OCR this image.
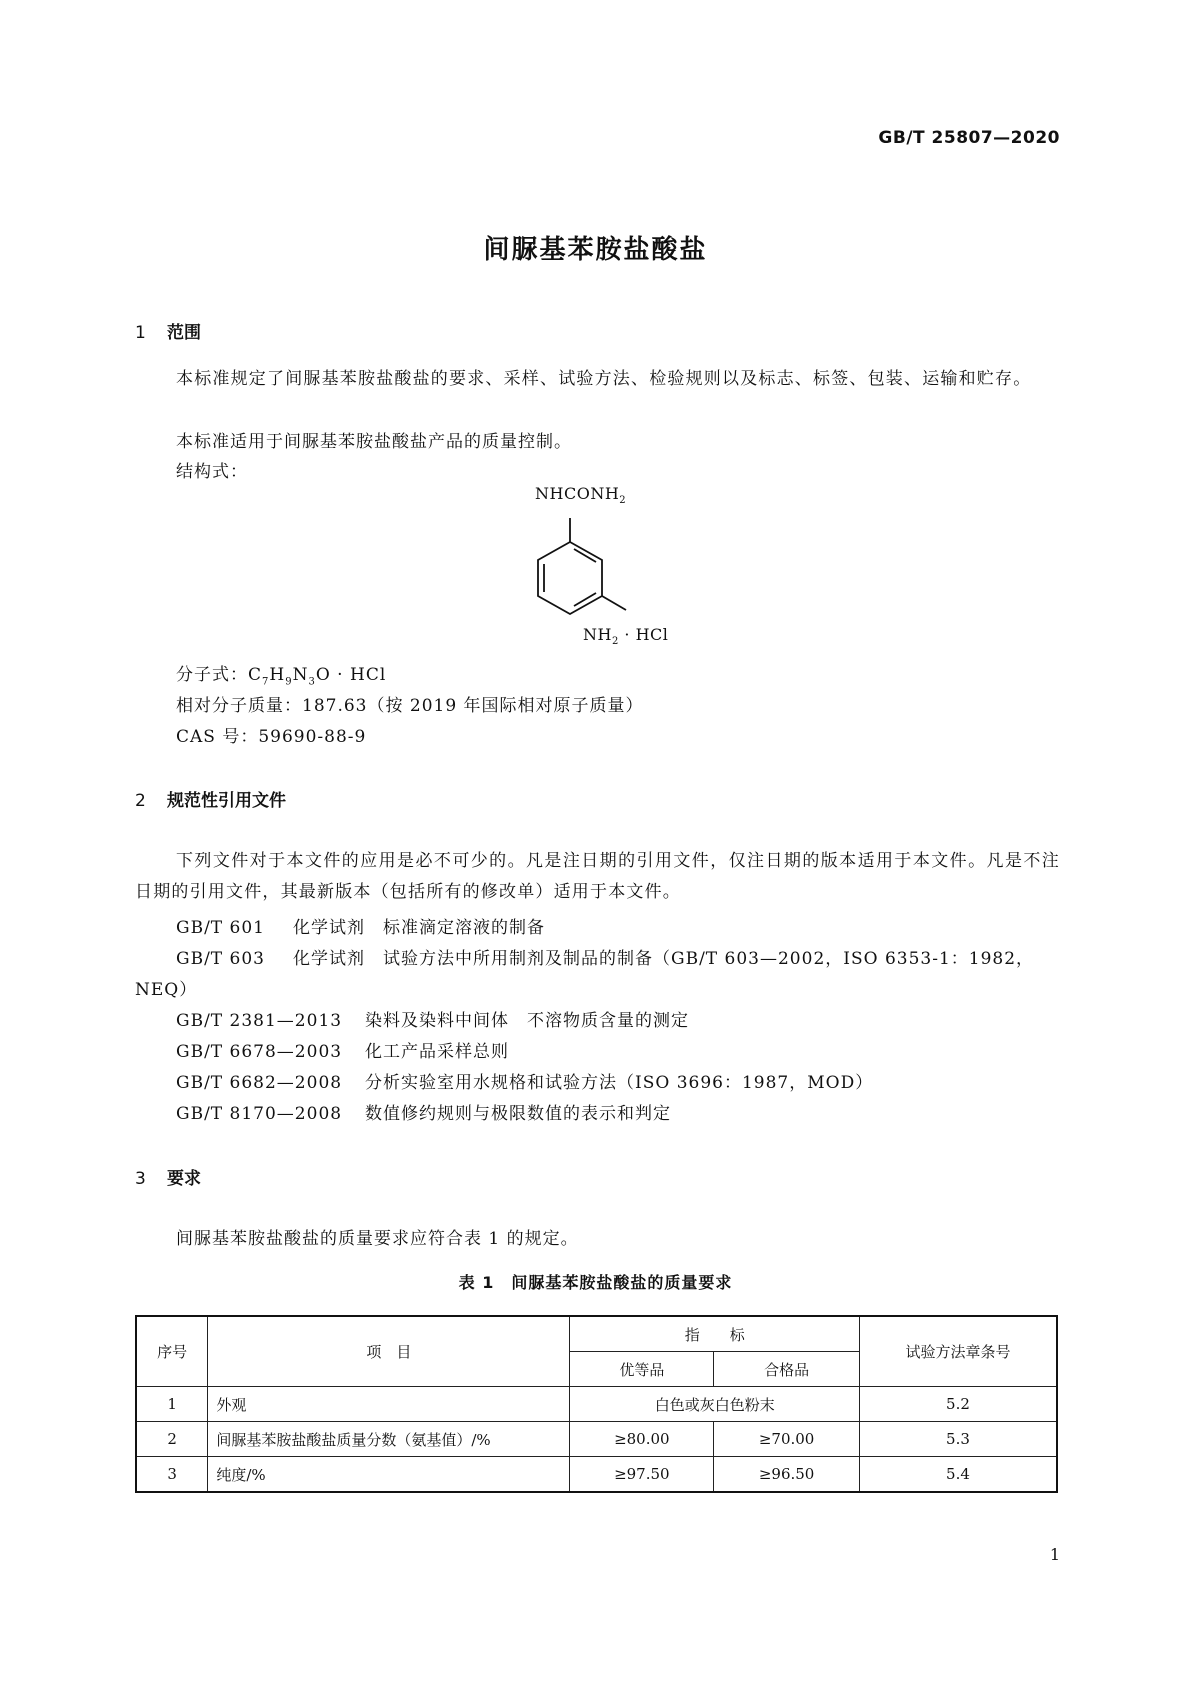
GB/T 25807—2020
间脲基苯胺盐酸盐
1 范围
本标准规定了间脲基苯胺盐酸盐的要求、采样、试验方法、检验规则以及标志、标签、包装、运输和贮存。
本标准适用于间脲基苯胺盐酸盐产品的质量控制。
结构式：
$NHCONH_2$
$NH_2$ · HCl
分子式：$C_7H_9N_3O$ · HCl
相对分子质量：187.63（按 2019 年国际相对原子质量）
CAS 号：59690-88-9
2 规范性引用文件
下列文件对于本文件的应用是必不可少的。凡是注日期的引用文件，仅注日期的版本适用于本文件。凡是不注日期的引用文件，其最新版本（包括所有的修改单）适用于本文件。
GB/T 601 化学试剂　标准滴定溶液的制备
GB/T 603 化学试剂　试验方法中所用制剂及制品的制备（GB/T 603—2002，ISO 6353-1：1982，
NEQ）
GB/T 2381—2013 染料及染料中间体　不溶物质含量的测定
GB/T 6678—2003 化工产品采样总则
GB/T 6682—2008 分析实验室用水规格和试验方法（ISO 3696：1987，MOD）
GB/T 8170—2008 数值修约规则与极限数值的表示和判定
3 要求
间脲基苯胺盐酸盐的质量要求应符合表 1 的规定。
表 1　间脲基苯胺盐酸盐的质量要求
序号	项　目	指　　标		试验方法章条号
		优等品	合格品	
1	外观	白色或灰白色粉末		5.2
2	间脲基苯胺盐酸盐质量分数（氨基值）/%	≥80.00	≥70.00	5.3
3	纯度/%	≥97.50	≥96.50	5.4
1
